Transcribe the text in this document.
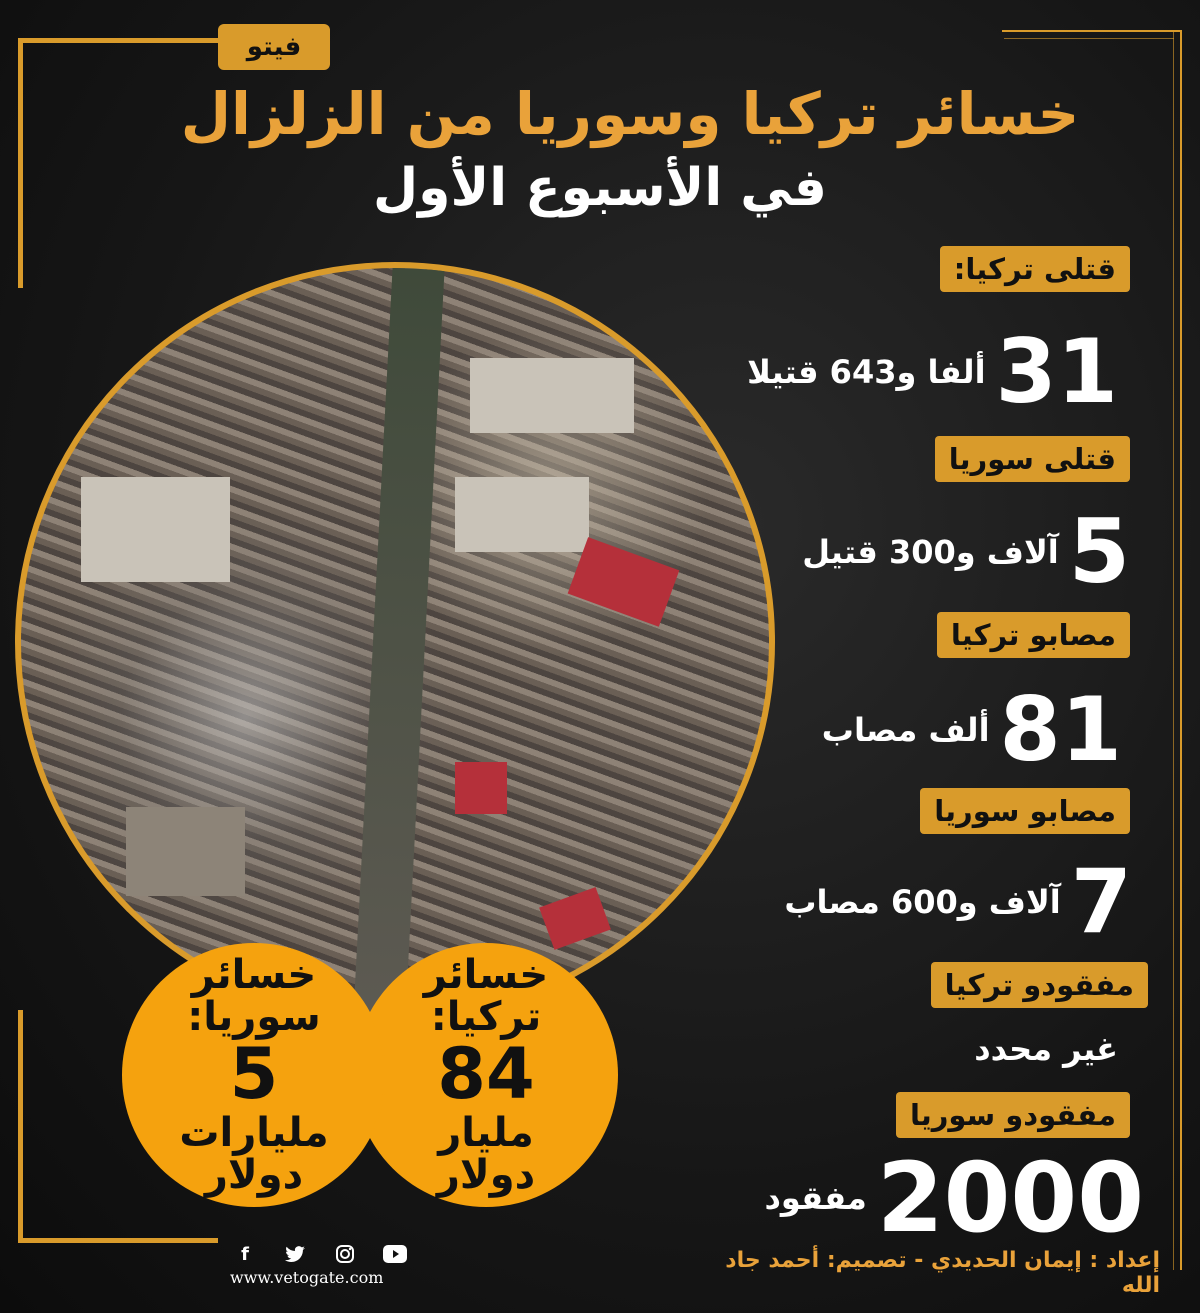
فيتو
خسائر تركيا وسوريا من الزلزال
في الأسبوع الأول
قتلى تركيا:
31
ألفا و643 قتيلا
قتلى سوريا
5
آلاف و300 قتيل
مصابو تركيا
81
ألف مصاب
مصابو سوريا
7
آلاف و600 مصاب
مفقودو تركيا
غير محدد
مفقودو سوريا
2000
مفقود
خسائر
تركيا:
84
مليار
دولار
خسائر
سوريا:
5
مليارات
دولار
f
www.vetogate.com
إعداد : إيمان الحديدي - تصميم: أحمد جاد الله
